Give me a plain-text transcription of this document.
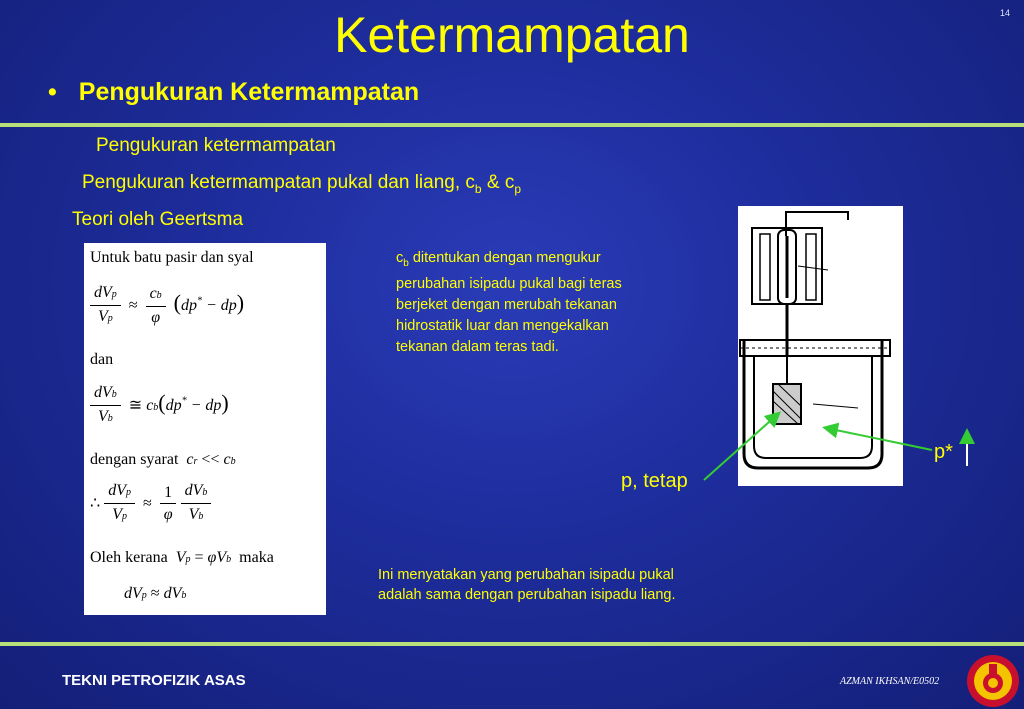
14
Ketermampatan
• Pengukuran Ketermampatan
Pengukuran ketermampatan
Pengukuran ketermampatan pukal dan liang, $c_b$ & $c_p$
Teori oleh Geertsma
Untuk batu pasir dan syal
$\frac{\text{dVp}}{Vp} \approx \frac{cb}{\varphi} (dp^* - dp)$
dan
$\frac{\text{dVb}}{Vb}$ ≅ cb(dp* − dp)
dengan syarat  cr << cb
∴ $\frac{\text{dVp}}{Vp} \approx \frac{1}{\varphi}$
$\frac{\text{dVb}}{Vb}$
Oleh kerana  Vp = φVb maka
dVp ≈ dVb
$c_b$ ditentukan dengan mengukur perubahan isipadu pukal bagi teras berjeket dengan merubah tekanan hidrostatik luar dan mengekalkan tekanan dalam teras tadi.
Ini menyatakan yang perubahan isipadu pukal adalah sama dengan perubahan isipadu liang.
p*
p, tetap
TEKNI PETROFIZIK ASAS	AZMAN IKHSAN/E0502
